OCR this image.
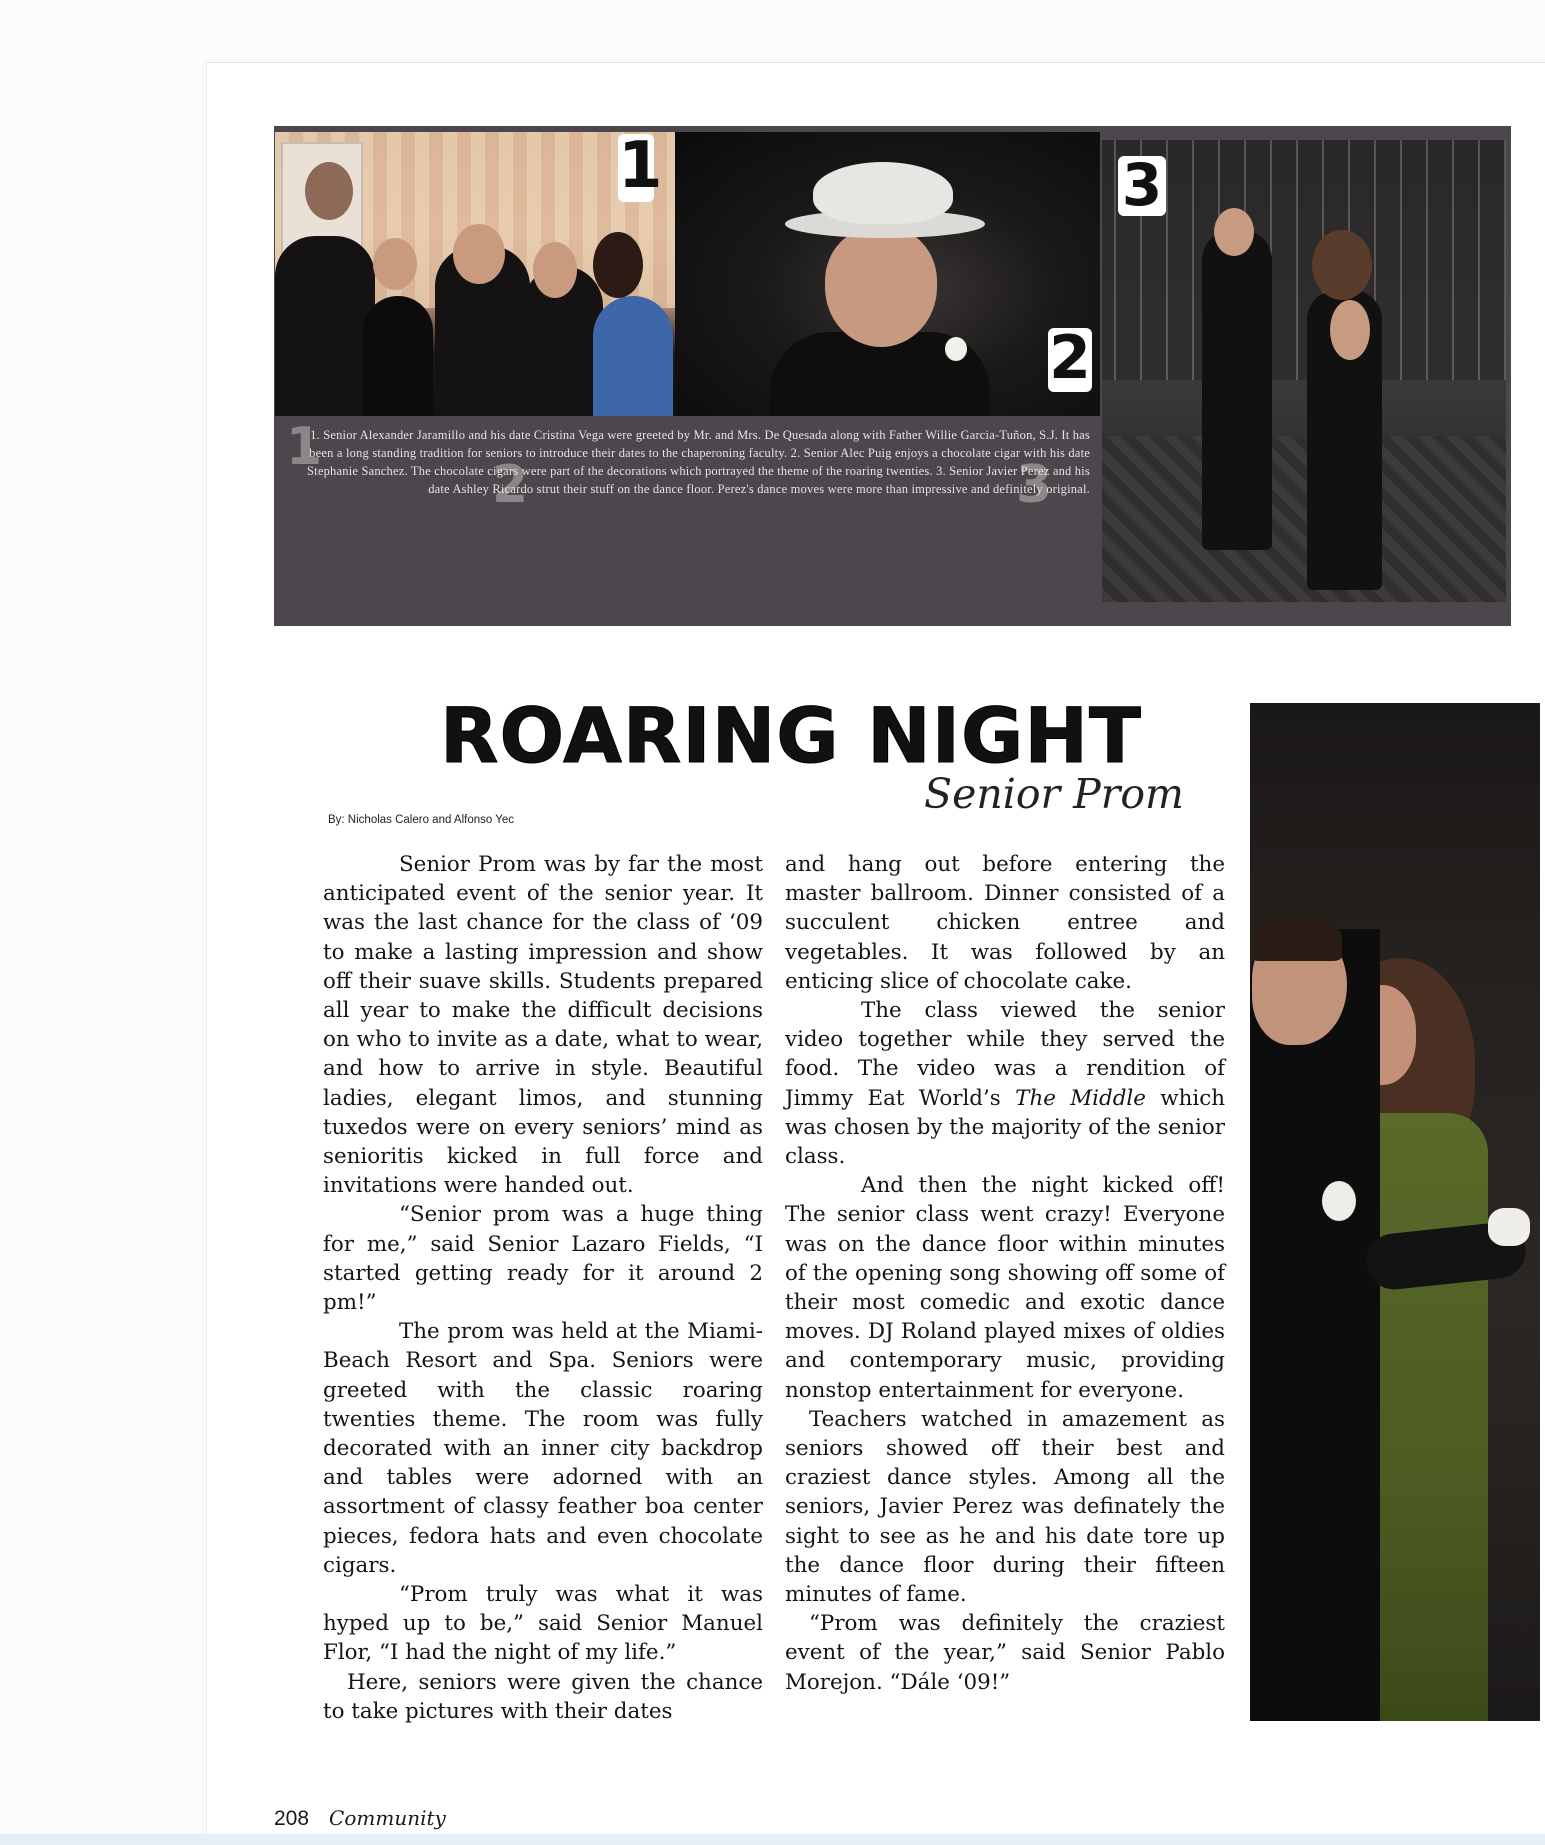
1
2
3
1
2	3
1. Senior Alexander Jaramillo and his date Cristina Vega were greeted by Mr. and Mrs. De Quesada along with Father Willie Garcia-Tuñon, S.J. It has been a long standing tradition for seniors to introduce their dates to the chaperoning faculty. 2. Senior Alec Puig enjoys a chocolate cigar with his date Stephanie Sanchez. The chocolate cigars were part of the decorations which portrayed the theme of the roaring twenties. 3. Senior Javier Perez and his date Ashley Ricardo strut their stuff on the dance floor. Perez's dance moves were more than impressive and definitely original.
ROARING NIGHT
Senior Prom
By: Nicholas Calero and Alfonso Yec

Senior Prom was by far the most anticipated event of the senior year. It was the last chance for the class of ‘09 to make a lasting impression and show off their suave skills. Students prepared all year to make the difficult decisions on who to invite as a date, what to wear, and how to arrive in style. Beautiful ladies, elegant limos, and stunning tuxedos were on every seniors’ mind as senioritis kicked in full force and invitations were handed out.

“Senior prom was a huge thing for me,” said Senior Lazaro Fields, “I started getting ready for it around 2 pm!”

The prom was held at the Miami-Beach Resort and Spa. Seniors were greeted with the classic roaring twenties theme. The room was fully decorated with an inner city backdrop and tables were adorned with an assortment of classy feather boa center pieces, fedora hats and even chocolate cigars.

“Prom truly was what it was hyped up to be,” said Senior Manuel Flor, “I had the night of my life.”

Here, seniors were given the chance to take pictures with their dates

and hang out before entering the master ballroom. Dinner consisted of a succulent chicken entree and vegetables. It was followed by an enticing slice of chocolate cake.

The class viewed the senior video together while they served the food. The video was a rendition of Jimmy Eat World’s The Middle which was chosen by the majority of the senior class.

And then the night kicked off! The senior class went crazy! Everyone was on the dance floor within minutes of the opening song showing off some of their most comedic and exotic dance moves. DJ Roland played mixes of oldies and contemporary music, providing nonstop entertainment for everyone.

Teachers watched in amazement as seniors showed off their best and craziest dance styles. Among all the seniors, Javier Perez was definately the sight to see as he and his date tore up the dance floor during their fifteen minutes of fame.

“Prom was definitely the craziest event of the year,” said Senior Pablo Morejon. “Dále ‘09!”

208 Community
